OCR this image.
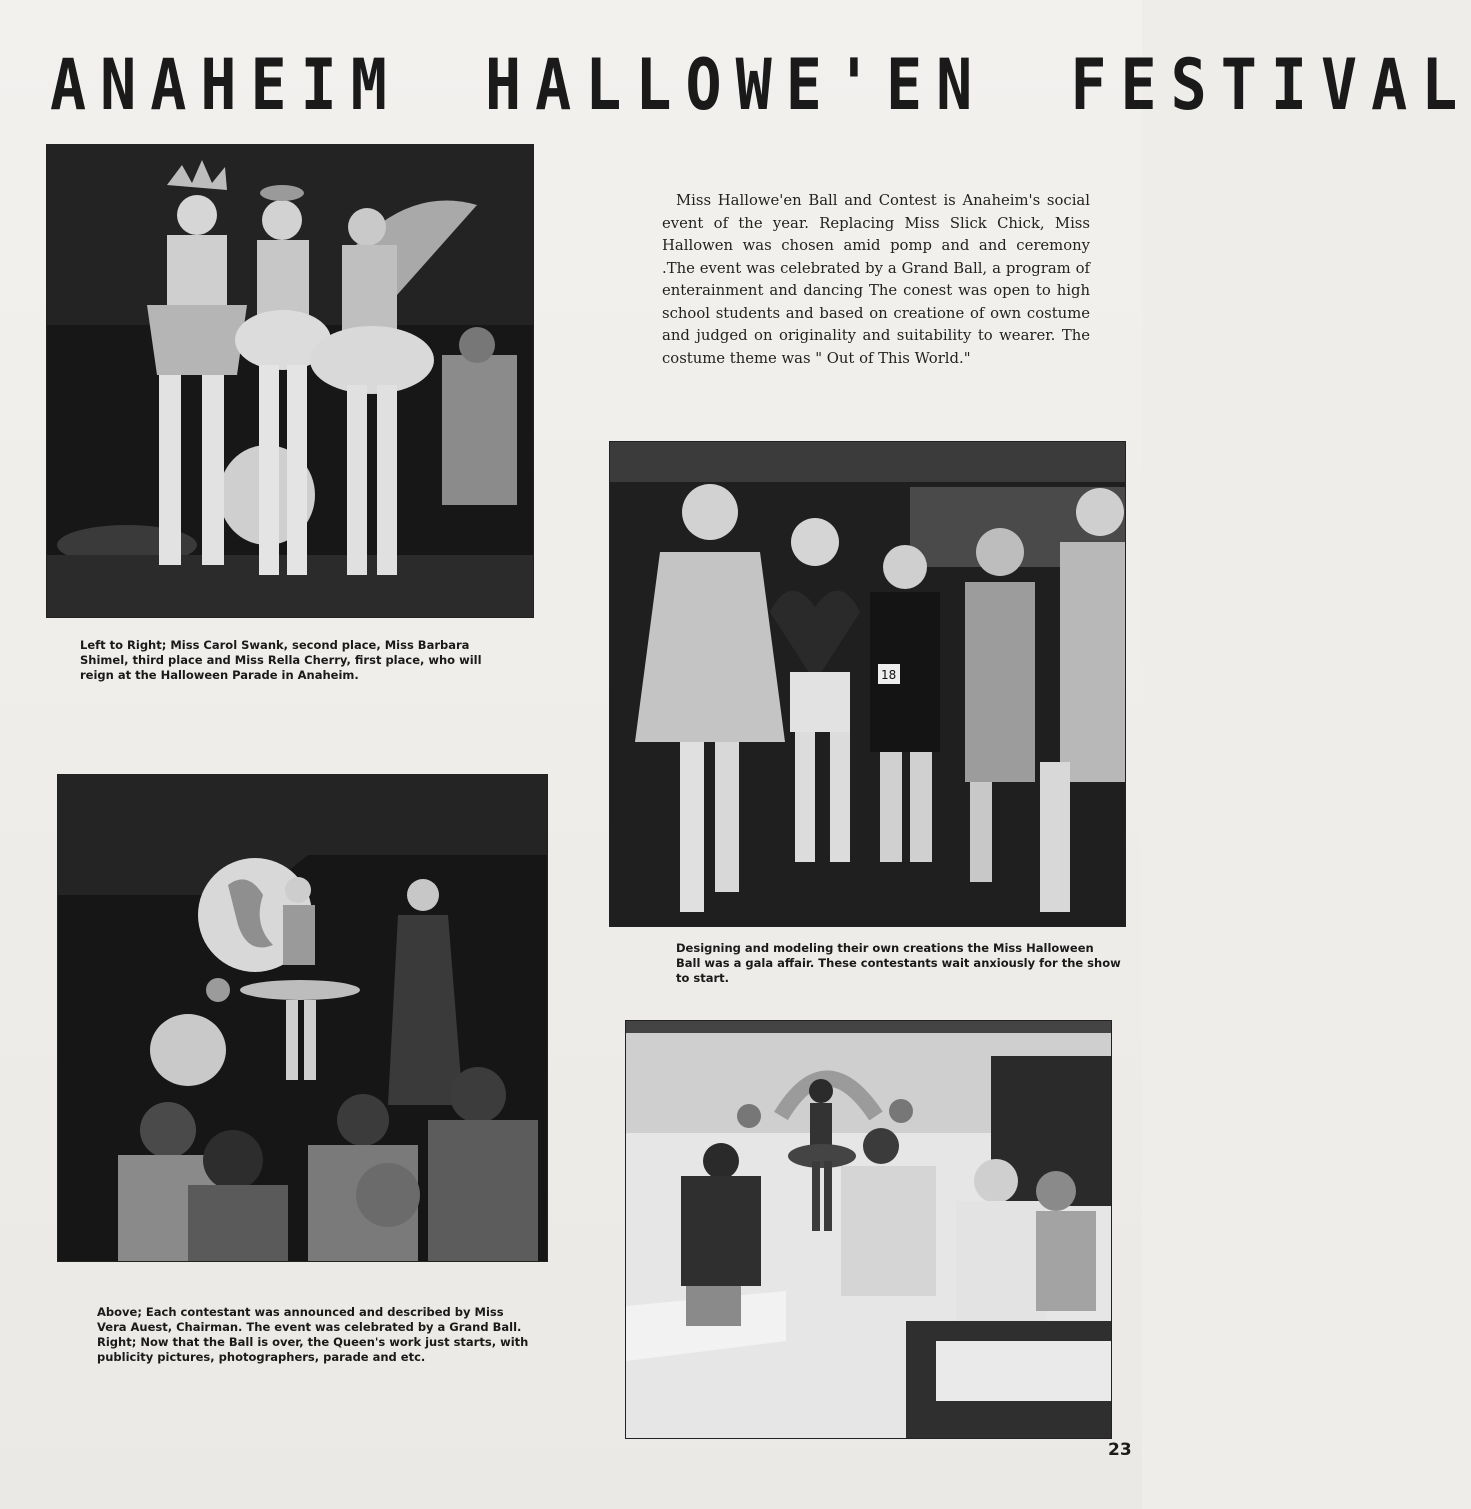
ANAHEIM HALLOWE'EN FESTIVAL
Left to Right; Miss Carol Swank, second place, Miss Barbara Shimel, third place and Miss Rella Cherry, first place, who will reign at the Halloween Parade in Anaheim.

Miss Hallowe'en Ball and Contest is Anaheim's social event of the year. Replacing Miss Slick Chick, Miss Hallowen was chosen amid pomp and and ceremony .The event was celebrated by a Grand Ball, a program of enterainment and dancing The conest was open to high school students and based on creatione of own costume and judged on originality and suitability to wearer. The costume theme was " Out of This World."

18
Designing and modeling their own creations the Miss Halloween Ball was a gala affair. These contestants wait anxiously for the show to start.
Above; Each contestant was announced and described by Miss Vera Auest, Chairman. The event was celebrated by a Grand Ball. Right; Now that the Ball is over, the Queen's work just starts, with publicity pictures, photographers, parade and etc.
23
